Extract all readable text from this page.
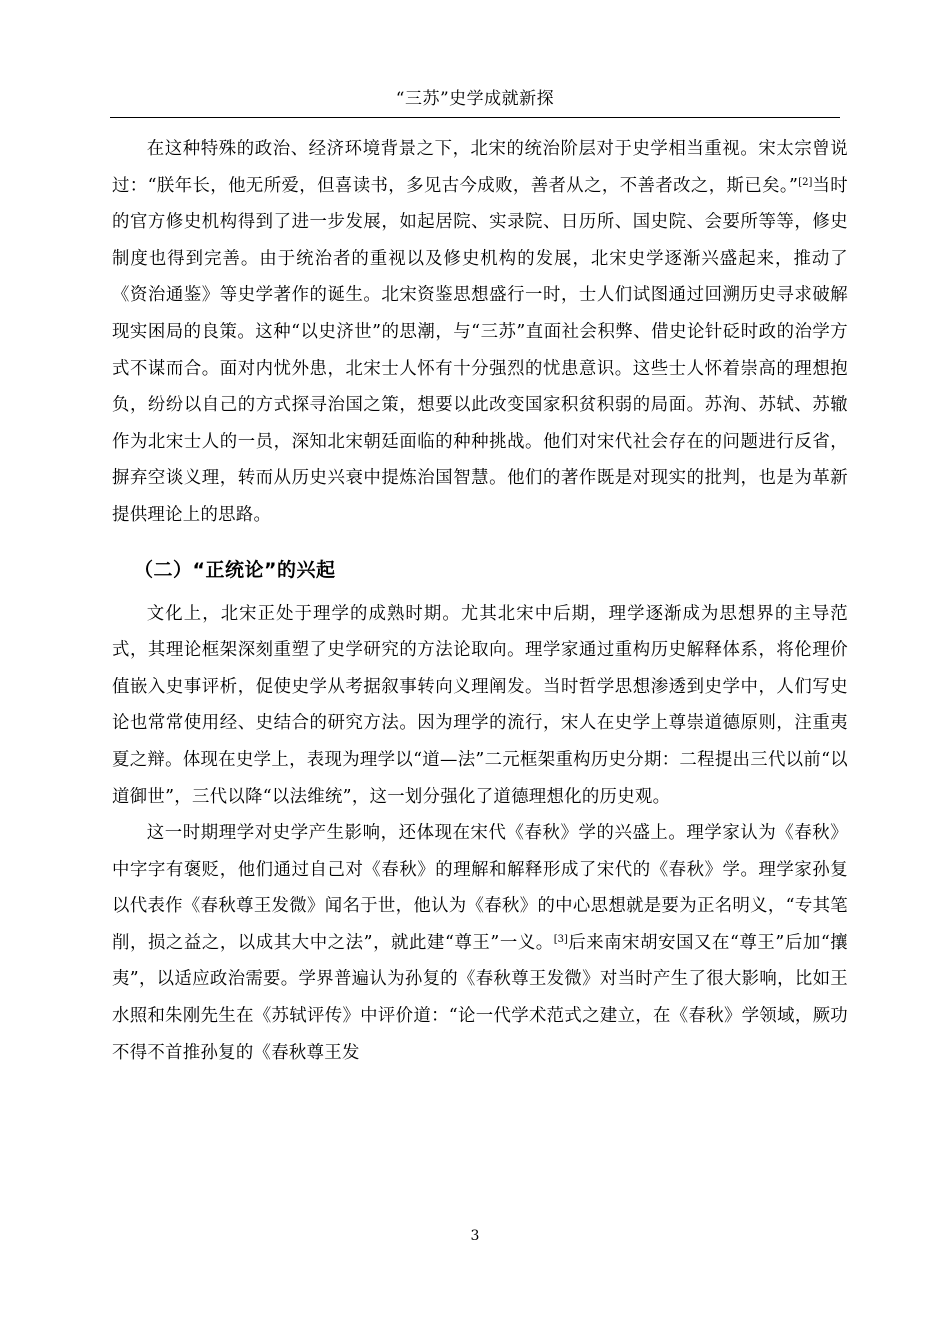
“三苏”史学成就新探

在这种特殊的政治、经济环境背景之下，北宋的统治阶层对于史学相当重视。宋太宗曾说过：“朕年长，他无所爱，但喜读书，多见古今成败，善者从之，不善者改之，斯已矣。”[2]当时的官方修史机构得到了进一步发展，如起居院、实录院、日历所、国史院、会要所等等，修史制度也得到完善。由于统治者的重视以及修史机构的发展，北宋史学逐渐兴盛起来，推动了《资治通鉴》等史学著作的诞生。北宋资鉴思想盛行一时，士人们试图通过回溯历史寻求破解现实困局的良策。这种“以史济世”的思潮，与“三苏”直面社会积弊、借史论针砭时政的治学方式不谋而合。面对内忧外患，北宋士人怀有十分强烈的忧患意识。这些士人怀着崇高的理想抱负，纷纷以自己的方式探寻治国之策，想要以此改变国家积贫积弱的局面。苏洵、苏轼、苏辙作为北宋士人的一员，深知北宋朝廷面临的种种挑战。他们对宋代社会存在的问题进行反省，摒弃空谈义理，转而从历史兴衰中提炼治国智慧。他们的著作既是对现实的批判，也是为革新提供理论上的思路。

（二）“正统论”的兴起

文化上，北宋正处于理学的成熟时期。尤其北宋中后期，理学逐渐成为思想界的主导范式，其理论框架深刻重塑了史学研究的方法论取向。理学家通过重构历史解释体系，将伦理价值嵌入史事评析，促使史学从考据叙事转向义理阐发。当时哲学思想渗透到史学中，人们写史论也常常使用经、史结合的研究方法。因为理学的流行，宋人在史学上尊崇道德原则，注重夷夏之辩。体现在史学上，表现为理学以“道—法”二元框架重构历史分期：二程提出三代以前“以道御世”，三代以降“以法维统”，这一划分强化了道德理想化的历史观。

这一时期理学对史学产生影响，还体现在宋代《春秋》学的兴盛上。理学家认为《春秋》中字字有褒贬，他们通过自己对《春秋》的理解和解释形成了宋代的《春秋》学。理学家孙复以代表作《春秋尊王发微》闻名于世，他认为《春秋》的中心思想就是要为正名明义，“专其笔削，损之益之，以成其大中之法”，就此建“尊王”一义。[3]后来南宋胡安国又在“尊王”后加“攘夷”，以适应政治需要。学界普遍认为孙复的《春秋尊王发微》对当时产生了很大影响，比如王水照和朱刚先生在《苏轼评传》中评价道：“论一代学术范式之建立，在《春秋》学领域，厥功不得不首推孙复的《春秋尊王发

3
